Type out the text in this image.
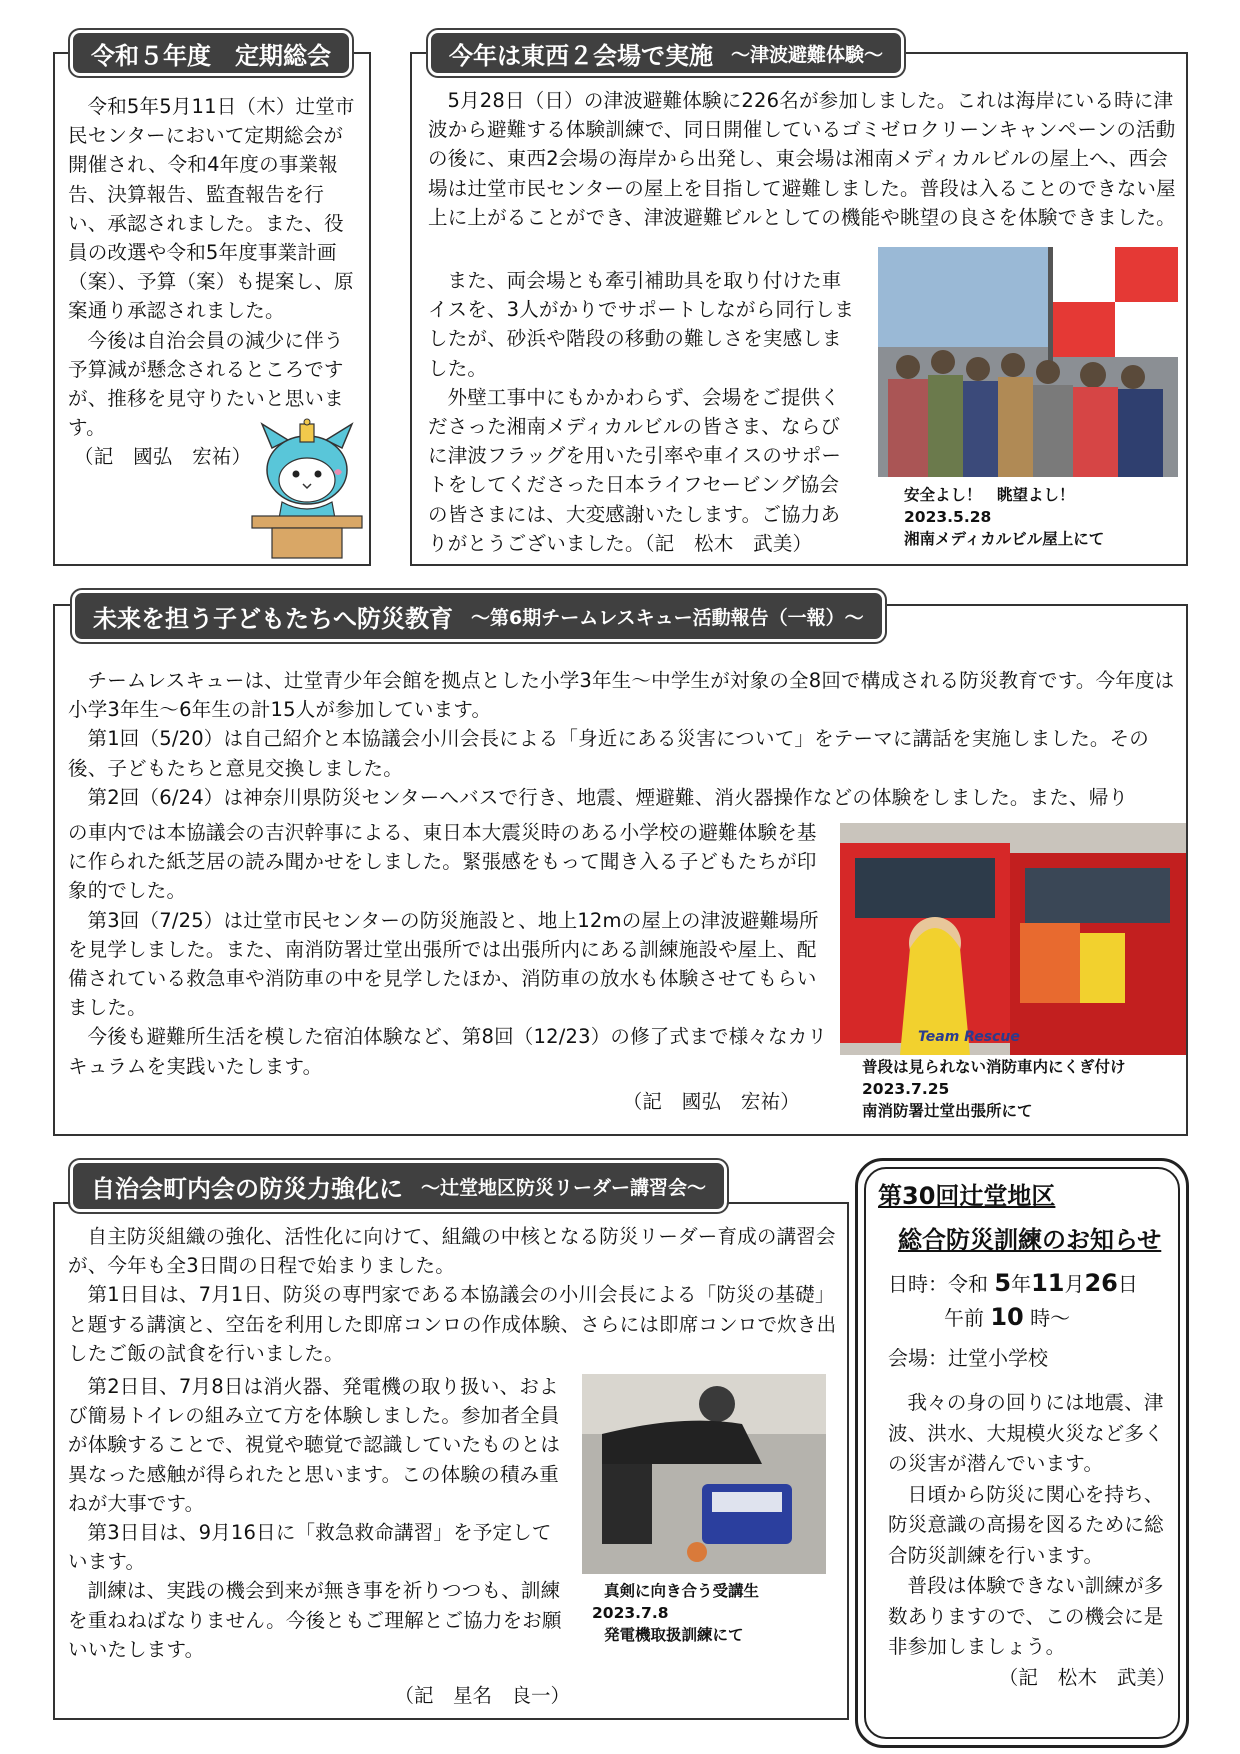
令和５年度　定期総会

令和5年5月11日（木）辻堂市民センターにおいて定期総会が開催され、令和4年度の事業報告、決算報告、監査報告を行い、承認されました。また、役員の改選や令和5年度事業計画（案）、予算（案）も提案し、原案通り承認されました。

今後は自治会員の減少に伴う予算減が懸念されるところですが、推移を見守りたいと思います。

（記　國弘　宏祐）
今年は東西２会場で実施 ～津波避難体験～

5月28日（日）の津波避難体験に226名が参加しました。これは海岸にいる時に津波から避難する体験訓練で、同日開催しているゴミゼロクリーンキャンペーンの活動の後に、東西2会場の海岸から出発し、東会場は湘南メディカルビルの屋上へ、西会場は辻堂市民センターの屋上を目指して避難しました。普段は入ることのできない屋上に上がることができ、津波避難ビルとしての機能や眺望の良さを体験できました。

また、両会場とも牽引補助具を取り付けた車イスを、3人がかりでサポートしながら同行しましたが、砂浜や階段の移動の難しさを実感しました。

外壁工事中にもかかわらず、会場をご提供くださった湘南メディカルビルの皆さま、ならびに津波フラッグを用いた引率や車イスのサポートをしてくださった日本ライフセービング協会の皆さまには、大変感謝いたします。ご協力ありがとうございました。（記　松木　武美）

安全よし！　眺望よし！
2023.5.28
湘南メディカルビル屋上にて
未来を担う子どもたちへ防災教育 ～第6期チームレスキュー活動報告（一報）～

チームレスキューは、辻堂青少年会館を拠点とした小学3年生～中学生が対象の全8回で構成される防災教育です。今年度は小学3年生～6年生の計15人が参加しています。

第1回（5/20）は自己紹介と本協議会小川会長による「身近にある災害について」をテーマに講話を実施しました。その後、子どもたちと意見交換しました。

第2回（6/24）は神奈川県防災センターへバスで行き、地震、煙避難、消火器操作などの体験をしました。また、帰り

の車内では本協議会の吉沢幹事による、東日本大震災時のある小学校の避難体験を基に作られた紙芝居の読み聞かせをしました。緊張感をもって聞き入る子どもたちが印象的でした。

第3回（7/25）は辻堂市民センターの防災施設と、地上12mの屋上の津波避難場所を見学しました。また、南消防署辻堂出張所では出張所内にある訓練施設や屋上、配備されている救急車や消防車の中を見学したほか、消防車の放水も体験させてもらいました。

今後も避難所生活を模した宿泊体験など、第8回（12/23）の修了式まで様々なカリキュラムを実践いたします。

（記　國弘　宏祐）
Team Rescue
普段は見られない消防車内にくぎ付け
2023.7.25
南消防署辻堂出張所にて
自治会町内会の防災力強化に ～辻堂地区防災リーダー講習会～

自主防災組織の強化、活性化に向けて、組織の中核となる防災リーダー育成の講習会が、今年も全3日間の日程で始まりました。

第1日目は、7月1日、防災の専門家である本協議会の小川会長による「防災の基礎」と題する講演と、空缶を利用した即席コンロの作成体験、さらには即席コンロで炊き出したご飯の試食を行いました。

第2日目、7月8日は消火器、発電機の取り扱い、および簡易トイレの組み立て方を体験しました。参加者全員が体験することで、視覚や聴覚で認識していたものとは異なった感触が得られたと思います。この体験の積み重ねが大事です。

第3日目は、9月16日に「救急救命講習」を予定しています。

訓練は、実践の機会到来が無き事を祈りつつも、訓練を重ねねばなりません。今後ともご理解とご協力をお願いいたします。

（記　星名　良一）
真剣に向き合う受講生
2023.7.8
発電機取扱訓練にて
第30回辻堂地区
総合防災訓練のお知らせ
日時：令和 5年11月26日
午前 10 時～
会場：辻堂小学校

我々の身の回りには地震、津波、洪水、大規模火災など多くの災害が潜んでいます。

日頃から防災に関心を持ち、防災意識の高揚を図るために総合防災訓練を行います。

普段は体験できない訓練が多数ありますので、この機会に是非参加しましょう。

（記　松木　武美）
